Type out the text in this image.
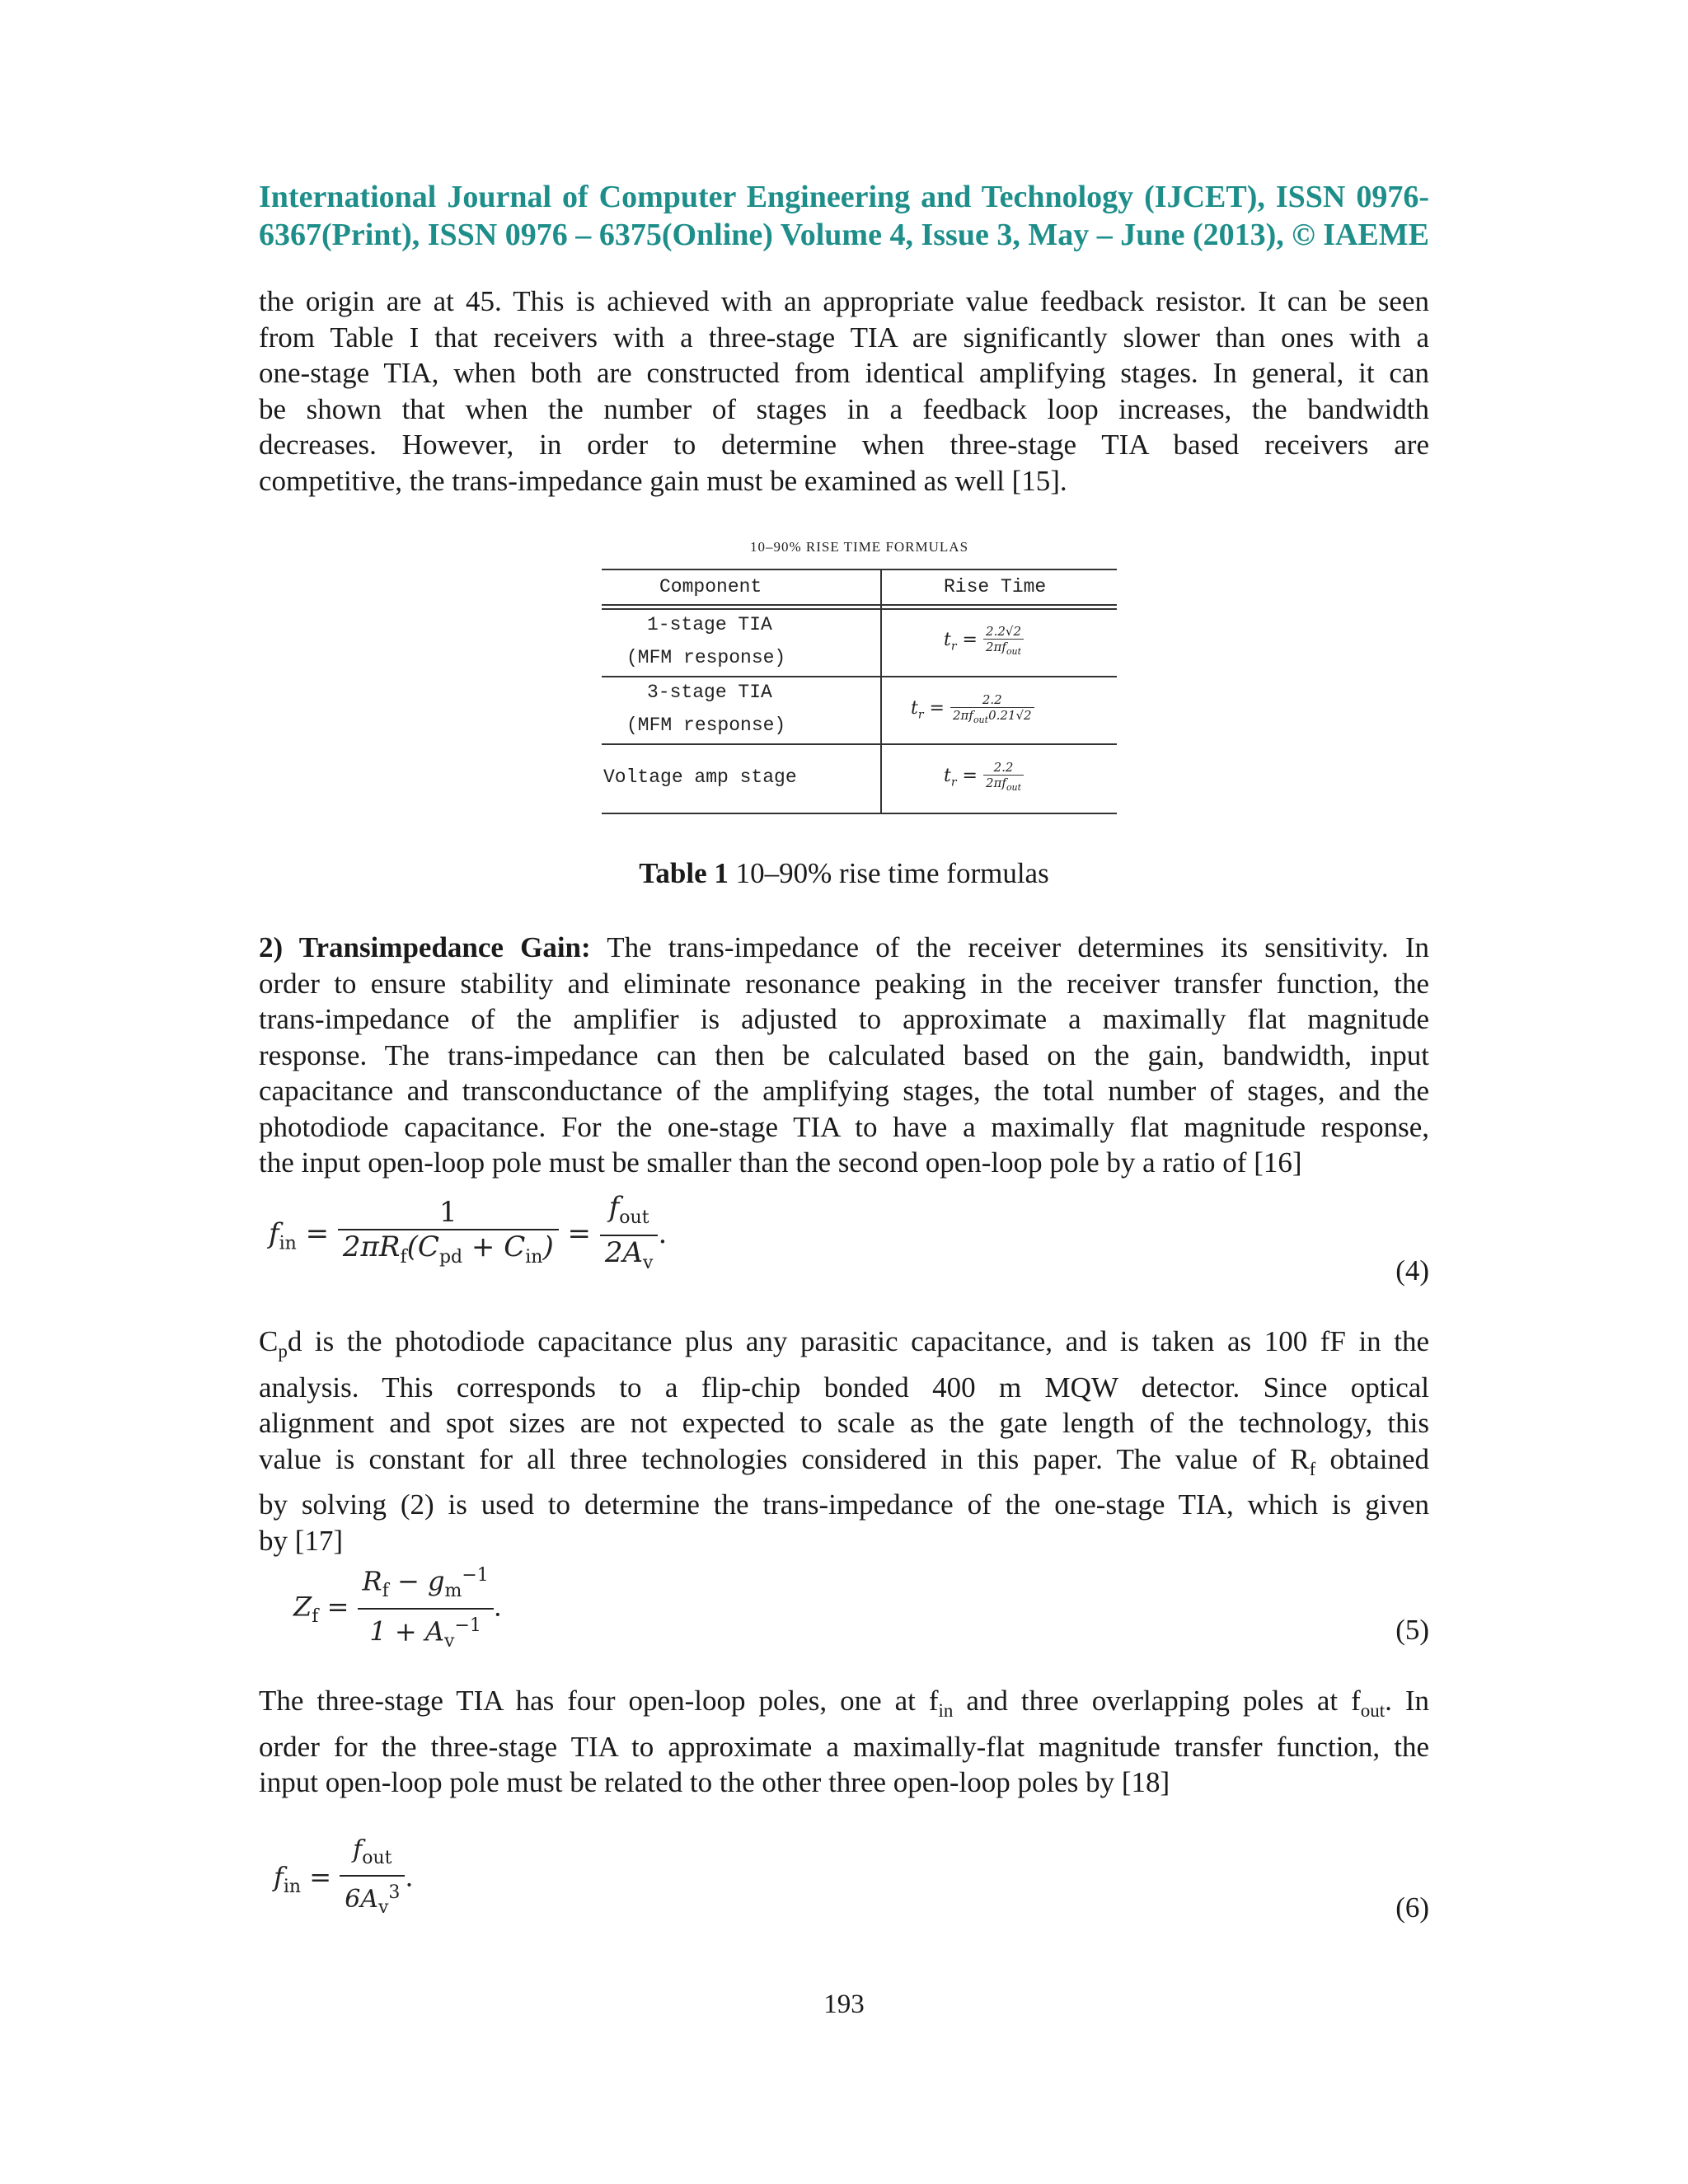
International Journal of Computer Engineering and Technology (IJCET), ISSN 0976-
6367(Print), ISSN 0976 – 6375(Online) Volume 4, Issue 3, May – June (2013), © IAEME
the origin are at 45. This is achieved with an appropriate value feedback resistor. It can be seen
from Table I that receivers with a three-stage TIA are significantly slower than ones with a
one-stage TIA, when both are constructed from identical amplifying stages. In general, it can
be shown that when the number of stages in a feedback loop increases, the bandwidth
decreases. However, in order to determine when three-stage TIA based receivers are
competitive, the trans-impedance gain must be examined as well [15].
10–90% RISE TIME FORMULAS
Component	Rise Time
1-stage TIA
(MFM response)
$t_r = \frac{2.2√2}{2\pi f_{out}}$
3-stage TIA
(MFM response)
$t_r = \frac{2.2}{2\pi f_{out}0.21√2}$
Voltage amp stage	$t_r = \frac{2.2}{2\pi f_{out}}$
Table 1 10–90% rise time formulas
2) Transimpedance Gain: The trans-impedance of the receiver determines its sensitivity. In
order to ensure stability and eliminate resonance peaking in the receiver transfer function, the
trans-impedance of the amplifier is adjusted to approximate a maximally flat magnitude
response. The trans-impedance can then be calculated based on the gain, bandwidth, input
capacitance and transconductance of the amplifying stages, the total number of stages, and the
photodiode capacitance. For the one-stage TIA to have a maximally flat magnitude response,
the input open-loop pole must be smaller than the second open-loop pole by a ratio of [16]
$f_{in} = \frac{1}{2\pi R_f(C_{pd} + C_{in})} = \frac{f_{out}}{2A_v}$ .
(4)
$C_pd$ is the photodiode capacitance plus any parasitic capacitance, and is taken as 100 fF in the
analysis. This corresponds to a flip-chip bonded 400 m MQW detector. Since optical
alignment and spot sizes are not expected to scale as the gate length of the technology, this
value is constant for all three technologies considered in this paper. The value of $R_f$ obtained
by solving (2) is used to determine the trans-impedance of the one-stage TIA, which is given
by [17]
$Z_f = \frac{R_f - g_m^{-1}}{1 + A_v^{-1}}$ .
(5)
The three-stage TIA has four open-loop poles, one at $f_{in}$ and three overlapping poles at $f_{out}$. In
order for the three-stage TIA to approximate a maximally-flat magnitude transfer function, the
input open-loop pole must be related to the other three open-loop poles by [18]
$f_{in} = \frac{f_{out}}{6A_v^3}$ .
(6)
193
